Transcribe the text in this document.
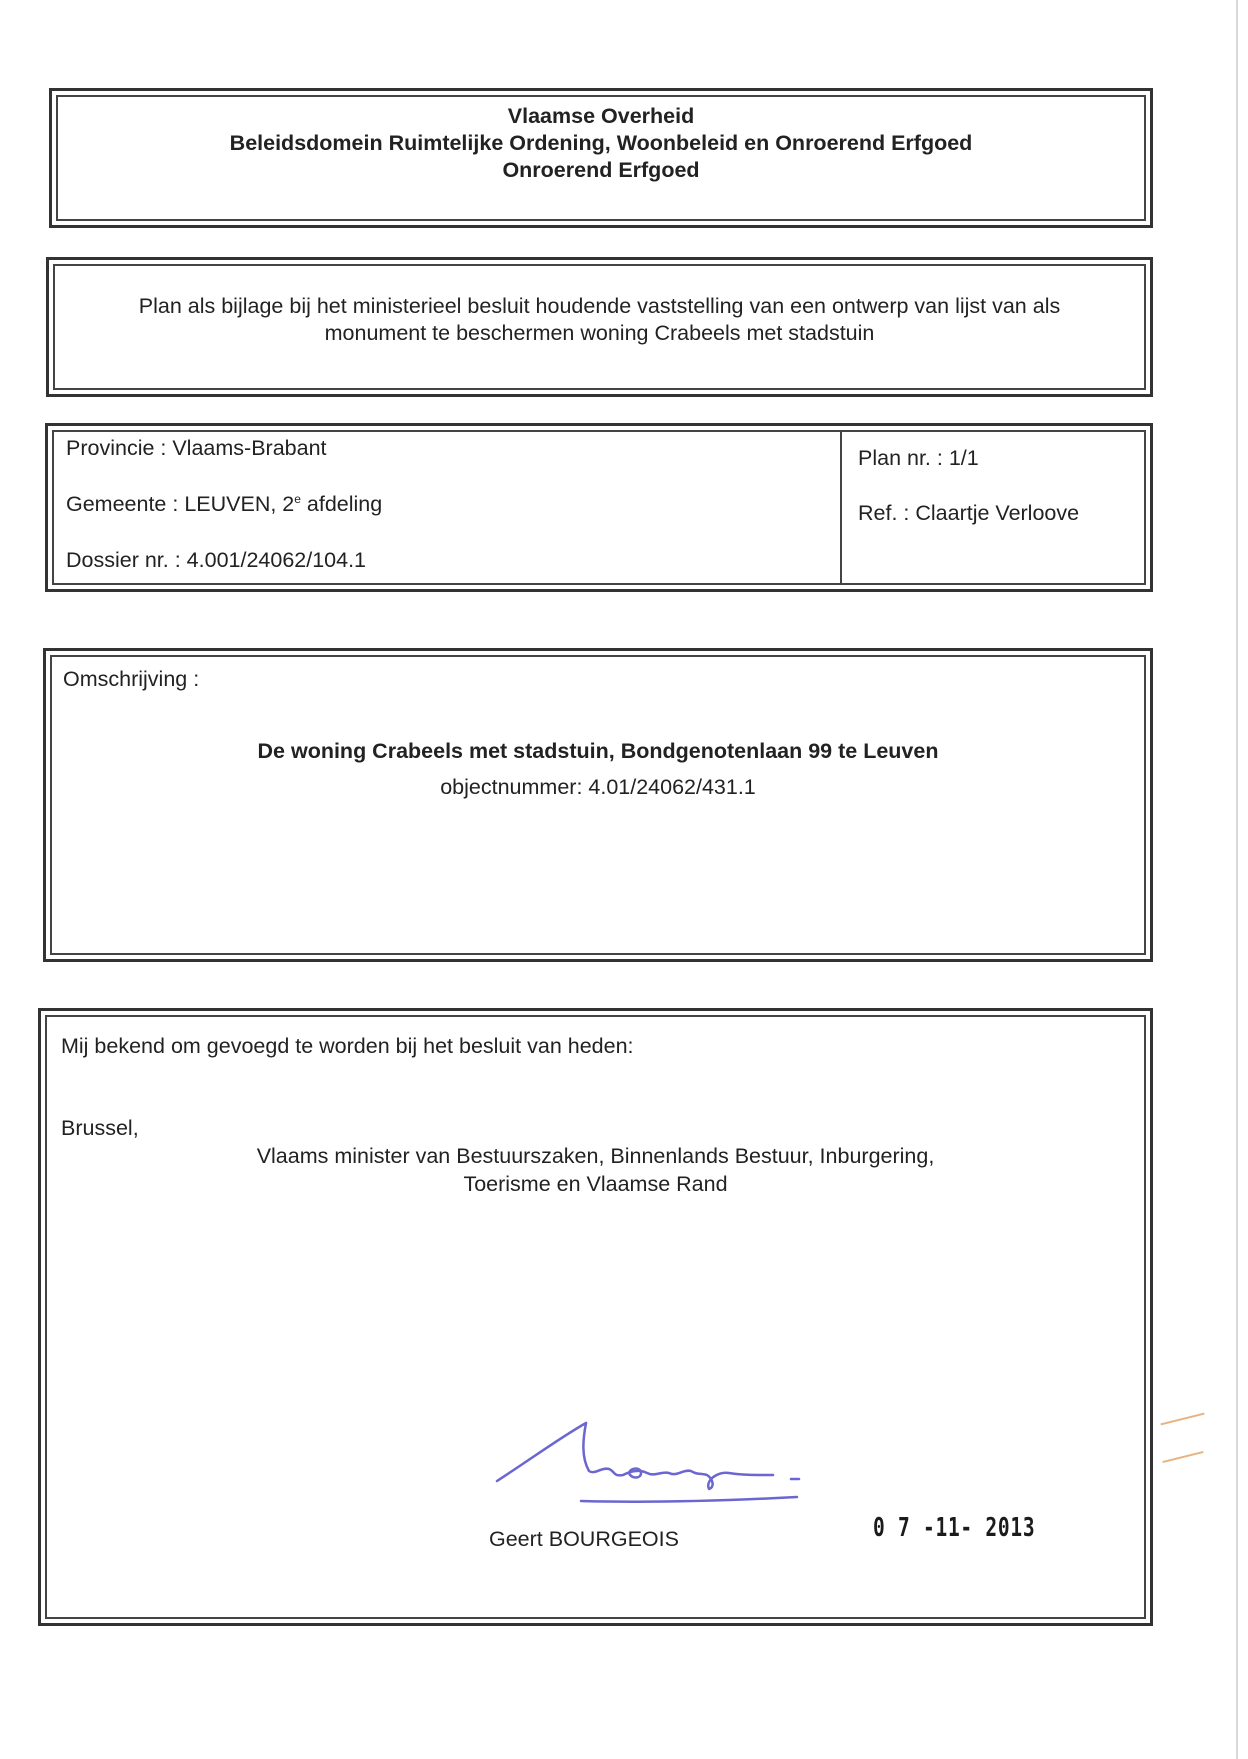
Vlaamse Overheid
Beleidsdomein Ruimtelijke Ordening, Woonbeleid en Onroerend Erfgoed
Onroerend Erfgoed
Plan als bijlage bij het ministerieel besluit houdende vaststelling van een ontwerp van lijst van als
monument te beschermen woning Crabeels met stadstuin
Provincie : Vlaams-Brabant
Gemeente : LEUVEN, 2e afdeling
Dossier nr. : 4.001/24062/104.1
Plan nr. : 1/1
Ref. : Claartje Verloove
Omschrijving :
De woning Crabeels met stadstuin, Bondgenotenlaan 99 te Leuven
objectnummer: 4.01/24062/431.1
Mij bekend om gevoegd te worden bij het besluit van heden:
Brussel,
Vlaams minister van Bestuurszaken, Binnenlands Bestuur, Inburgering,
Toerisme en Vlaamse Rand
Geert BOURGEOIS	0 7 -11- 2013
